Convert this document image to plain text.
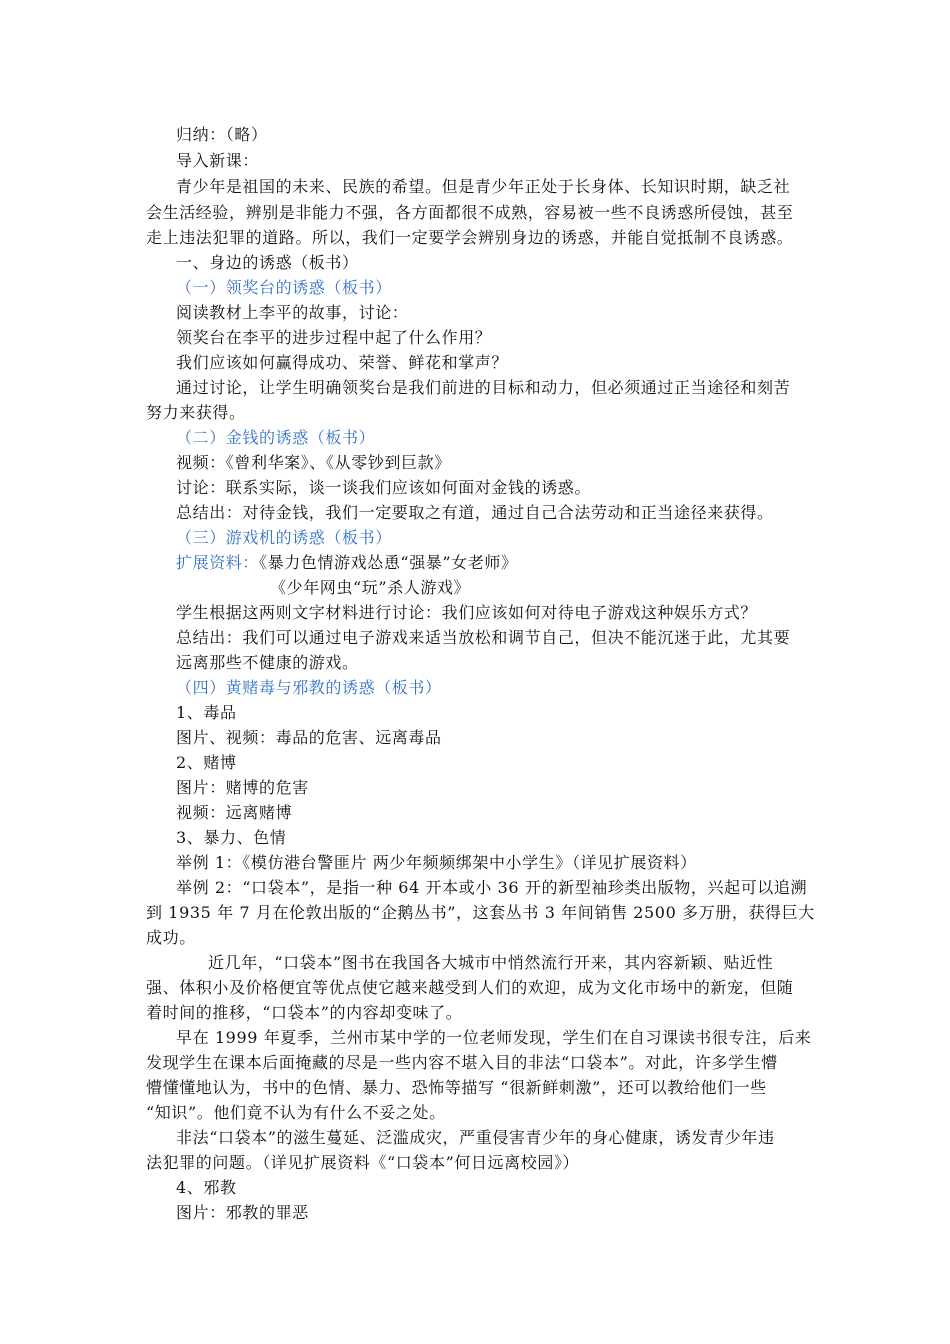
归纳：（略）
导入新课：
青少年是祖国的未来、民族的希望。但是青少年正处于长身体、长知识时期，缺乏社
会生活经验，辨别是非能力不强，各方面都很不成熟，容易被一些不良诱惑所侵蚀，甚至
走上违法犯罪的道路。所以，我们一定要学会辨别身边的诱惑，并能自觉抵制不良诱惑。
一、身边的诱惑（板书）
（一）领奖台的诱惑（板书）
阅读教材上李平的故事，讨论：
领奖台在李平的进步过程中起了什么作用？
我们应该如何赢得成功、荣誉、鲜花和掌声？
通过讨论，让学生明确领奖台是我们前进的目标和动力，但必须通过正当途径和刻苦
努力来获得。
（二）金钱的诱惑（板书）
视频：《曾利华案》、《从零钞到巨款》
讨论：联系实际，谈一谈我们应该如何面对金钱的诱惑。
总结出：对待金钱，我们一定要取之有道，通过自己合法劳动和正当途径来获得。
（三）游戏机的诱惑（板书）
扩展资料：《暴力色情游戏怂恿“强暴”女老师》
《少年网虫“玩”杀人游戏》
学生根据这两则文字材料进行讨论：我们应该如何对待电子游戏这种娱乐方式？
总结出：我们可以通过电子游戏来适当放松和调节自己，但决不能沉迷于此，尤其要
远离那些不健康的游戏。
（四）黄赌毒与邪教的诱惑（板书）
1、毒品
图片、视频：毒品的危害、远离毒品
2、赌博
图片：赌博的危害
视频：远离赌博
3、暴力、色情
举例 1：《模仿港台警匪片 两少年频频绑架中小学生》（详见扩展资料）
举例 2：“口袋本”，是指一种 64 开本或小 36 开的新型袖珍类出版物，兴起可以追溯
到 1935 年 7 月在伦敦出版的“企鹅丛书”，这套丛书 3 年间销售 2500 多万册，获得巨大
成功。
近几年，“口袋本”图书在我国各大城市中悄然流行开来，其内容新颖、贴近性
强、体积小及价格便宜等优点使它越来越受到人们的欢迎，成为文化市场中的新宠，但随
着时间的推移，“口袋本”的内容却变味了。
早在 1999 年夏季，兰州市某中学的一位老师发现，学生们在自习课读书很专注，后来
发现学生在课本后面掩藏的尽是一些内容不堪入目的非法“口袋本”。对此，许多学生懵
懵懂懂地认为，书中的色情、暴力、恐怖等描写 “很新鲜刺激”，还可以教给他们一些
“知识”。他们竟不认为有什么不妥之处。
非法“口袋本”的滋生蔓延、泛滥成灾，严重侵害青少年的身心健康，诱发青少年违
法犯罪的问题。（详见扩展资料《“口袋本”何日远离校园》）
4、邪教
图片：邪教的罪恶
